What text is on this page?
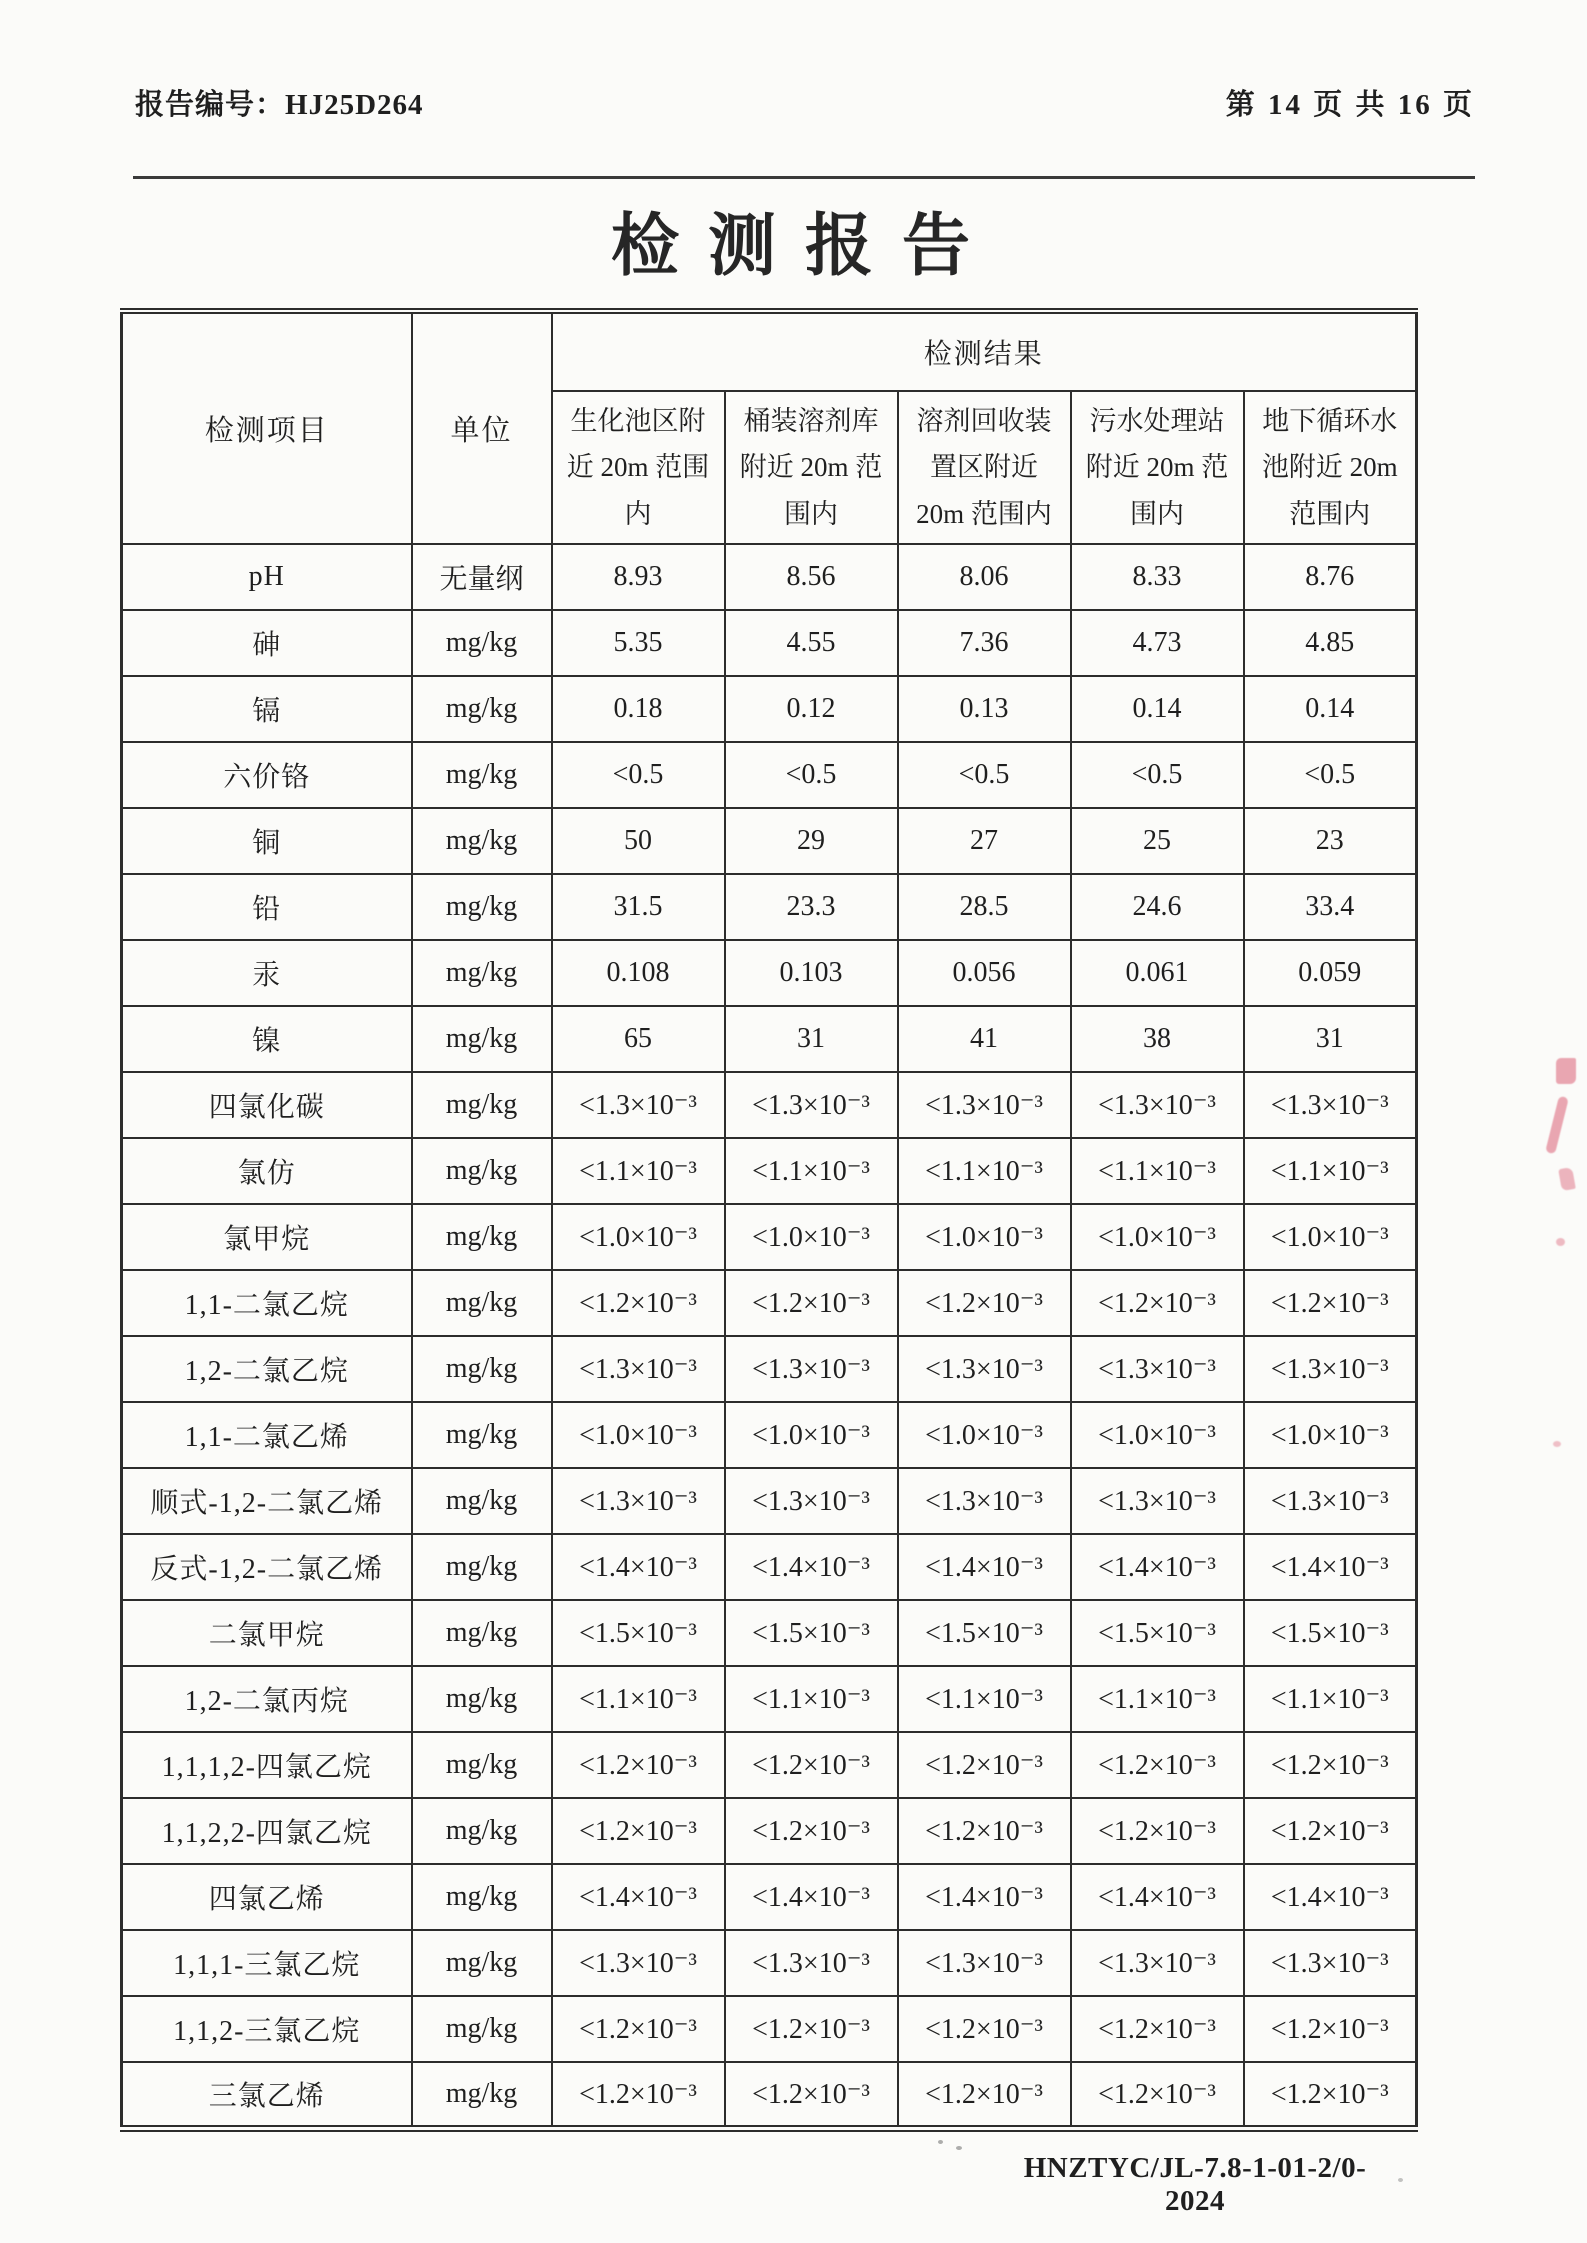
报告编号：HJ25D264	第 14 页 共 16 页
检 测 报 告
检测项目	单位	检测结果				
		生化池区附近 20m 范围内	桶装溶剂库附近 20m 范围内	溶剂回收装置区附近 20m 范围内	污水处理站附近 20m 范围内	地下循环水池附近 20m 范围内
pH	无量纲	8.93	8.56	8.06	8.33	8.76
砷	mg/kg	5.35	4.55	7.36	4.73	4.85
镉	mg/kg	0.18	0.12	0.13	0.14	0.14
六价铬	mg/kg	<0.5	<0.5	<0.5	<0.5	<0.5
铜	mg/kg	50	29	27	25	23
铅	mg/kg	31.5	23.3	28.5	24.6	33.4
汞	mg/kg	0.108	0.103	0.056	0.061	0.059
镍	mg/kg	65	31	41	38	31
四氯化碳	mg/kg	<1.3×10⁻³	<1.3×10⁻³	<1.3×10⁻³	<1.3×10⁻³	<1.3×10⁻³
氯仿	mg/kg	<1.1×10⁻³	<1.1×10⁻³	<1.1×10⁻³	<1.1×10⁻³	<1.1×10⁻³
氯甲烷	mg/kg	<1.0×10⁻³	<1.0×10⁻³	<1.0×10⁻³	<1.0×10⁻³	<1.0×10⁻³
1,1-二氯乙烷	mg/kg	<1.2×10⁻³	<1.2×10⁻³	<1.2×10⁻³	<1.2×10⁻³	<1.2×10⁻³
1,2-二氯乙烷	mg/kg	<1.3×10⁻³	<1.3×10⁻³	<1.3×10⁻³	<1.3×10⁻³	<1.3×10⁻³
1,1-二氯乙烯	mg/kg	<1.0×10⁻³	<1.0×10⁻³	<1.0×10⁻³	<1.0×10⁻³	<1.0×10⁻³
顺式-1,2-二氯乙烯	mg/kg	<1.3×10⁻³	<1.3×10⁻³	<1.3×10⁻³	<1.3×10⁻³	<1.3×10⁻³
反式-1,2-二氯乙烯	mg/kg	<1.4×10⁻³	<1.4×10⁻³	<1.4×10⁻³	<1.4×10⁻³	<1.4×10⁻³
二氯甲烷	mg/kg	<1.5×10⁻³	<1.5×10⁻³	<1.5×10⁻³	<1.5×10⁻³	<1.5×10⁻³
1,2-二氯丙烷	mg/kg	<1.1×10⁻³	<1.1×10⁻³	<1.1×10⁻³	<1.1×10⁻³	<1.1×10⁻³
1,1,1,2-四氯乙烷	mg/kg	<1.2×10⁻³	<1.2×10⁻³	<1.2×10⁻³	<1.2×10⁻³	<1.2×10⁻³
1,1,2,2-四氯乙烷	mg/kg	<1.2×10⁻³	<1.2×10⁻³	<1.2×10⁻³	<1.2×10⁻³	<1.2×10⁻³
四氯乙烯	mg/kg	<1.4×10⁻³	<1.4×10⁻³	<1.4×10⁻³	<1.4×10⁻³	<1.4×10⁻³
1,1,1-三氯乙烷	mg/kg	<1.3×10⁻³	<1.3×10⁻³	<1.3×10⁻³	<1.3×10⁻³	<1.3×10⁻³
1,1,2-三氯乙烷	mg/kg	<1.2×10⁻³	<1.2×10⁻³	<1.2×10⁻³	<1.2×10⁻³	<1.2×10⁻³
三氯乙烯	mg/kg	<1.2×10⁻³	<1.2×10⁻³	<1.2×10⁻³	<1.2×10⁻³	<1.2×10⁻³
HNZTYC/JL-7.8-1-01-2/0-2024
